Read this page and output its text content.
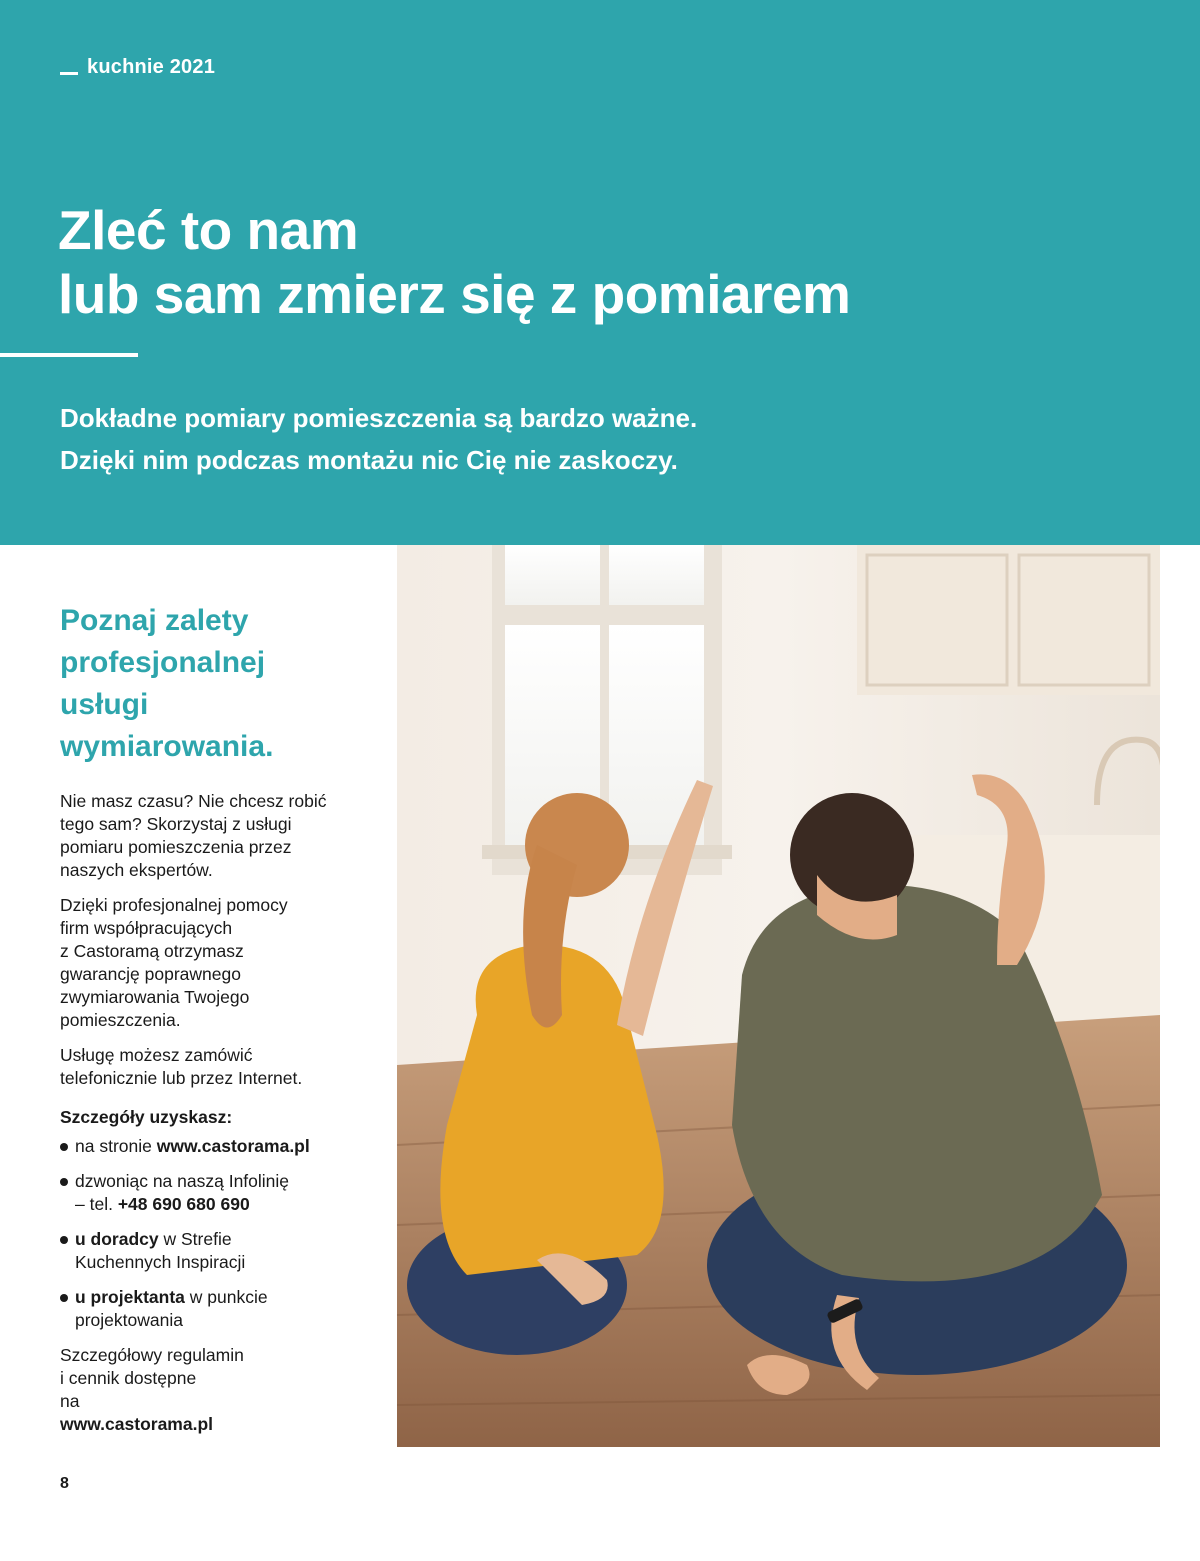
kuchnie 2021
Zleć to nam
lub sam zmierz się z pomiarem

Dokładne pomiary pomieszczenia są bardzo ważne.
Dzięki nim podczas montażu nic Cię nie zaskoczy.

Poznaj zalety
profesjonalnej
usługi
wymiarowania.

Nie masz czasu? Nie chcesz robić
tego sam? Skorzystaj z usługi
pomiaru pomieszczenia przez
naszych ekspertów.

Dzięki profesjonalnej pomocy
firm współpracujących
z Castoramą otrzymasz
gwarancję poprawnego
zwymiarowania Twojego
pomieszczenia.

Usługę możesz zamówić
telefonicznie lub przez Internet.

Szczegóły uzyskasz:
na stronie www.castorama.pl
dzwoniąc na naszą Infolinię
– tel. +48 690 680 690
u doradcy w Strefie
Kuchennych Inspiracji
u projektanta w punkcie
projektowania

Szczegółowy regulamin
i cennik dostępne
na
www.castorama.pl

8
